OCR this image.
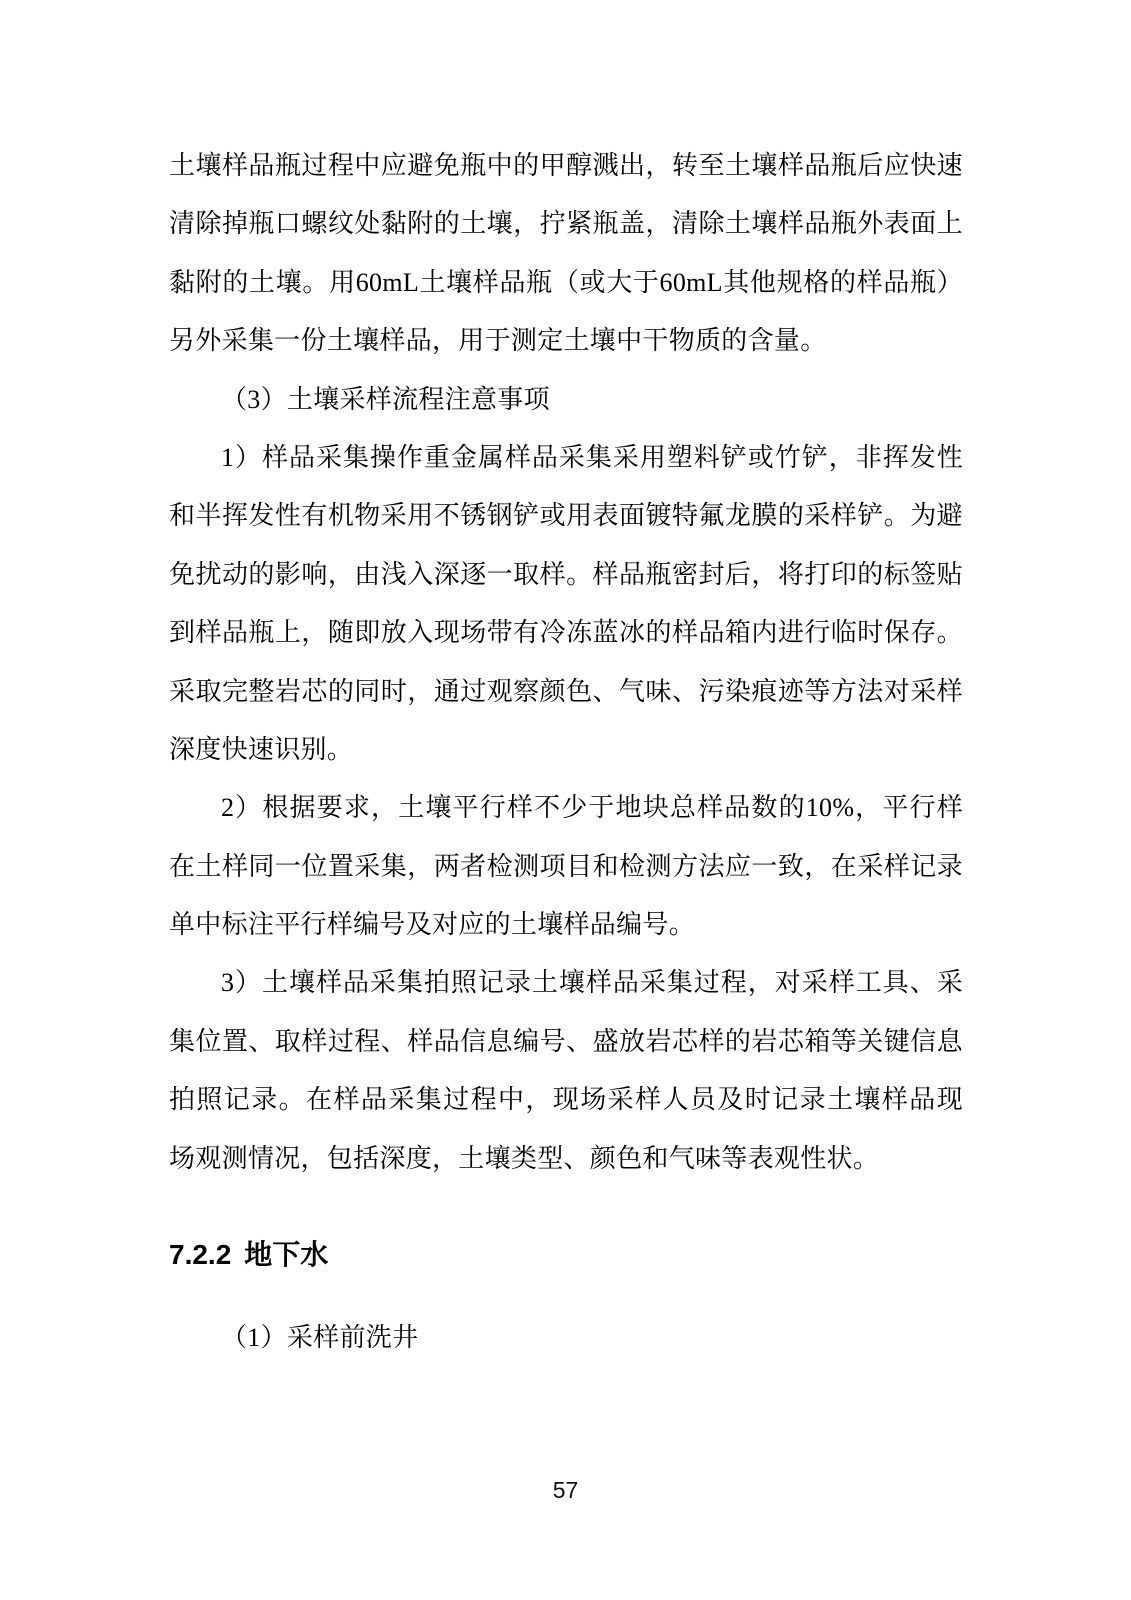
土壤样品瓶过程中应避免瓶中的甲醇溅出，转至土壤样品瓶后应快速
清除掉瓶口螺纹处黏附的土壤，拧紧瓶盖，清除土壤样品瓶外表面上
黏附的土壤。用60mL土壤样品瓶（或大于60mL其他规格的样品瓶）
另外采集一份土壤样品，用于测定土壤中干物质的含量。
（3）土壤采样流程注意事项
1）样品采集操作重金属样品采集采用塑料铲或竹铲，非挥发性
和半挥发性有机物采用不锈钢铲或用表面镀特氟龙膜的采样铲。为避
免扰动的影响，由浅入深逐一取样。样品瓶密封后，将打印的标签贴
到样品瓶上，随即放入现场带有冷冻蓝冰的样品箱内进行临时保存。
采取完整岩芯的同时，通过观察颜色、气味、污染痕迹等方法对采样
深度快速识别。
2）根据要求，土壤平行样不少于地块总样品数的10%，平行样
在土样同一位置采集，两者检测项目和检测方法应一致，在采样记录
单中标注平行样编号及对应的土壤样品编号。
3）土壤样品采集拍照记录土壤样品采集过程，对采样工具、采
集位置、取样过程、样品信息编号、盛放岩芯样的岩芯箱等关键信息
拍照记录。在样品采集过程中，现场采样人员及时记录土壤样品现
场观测情况，包括深度，土壤类型、颜色和气味等表观性状。
7.2.2 地下水
（1）采样前洗井
57
